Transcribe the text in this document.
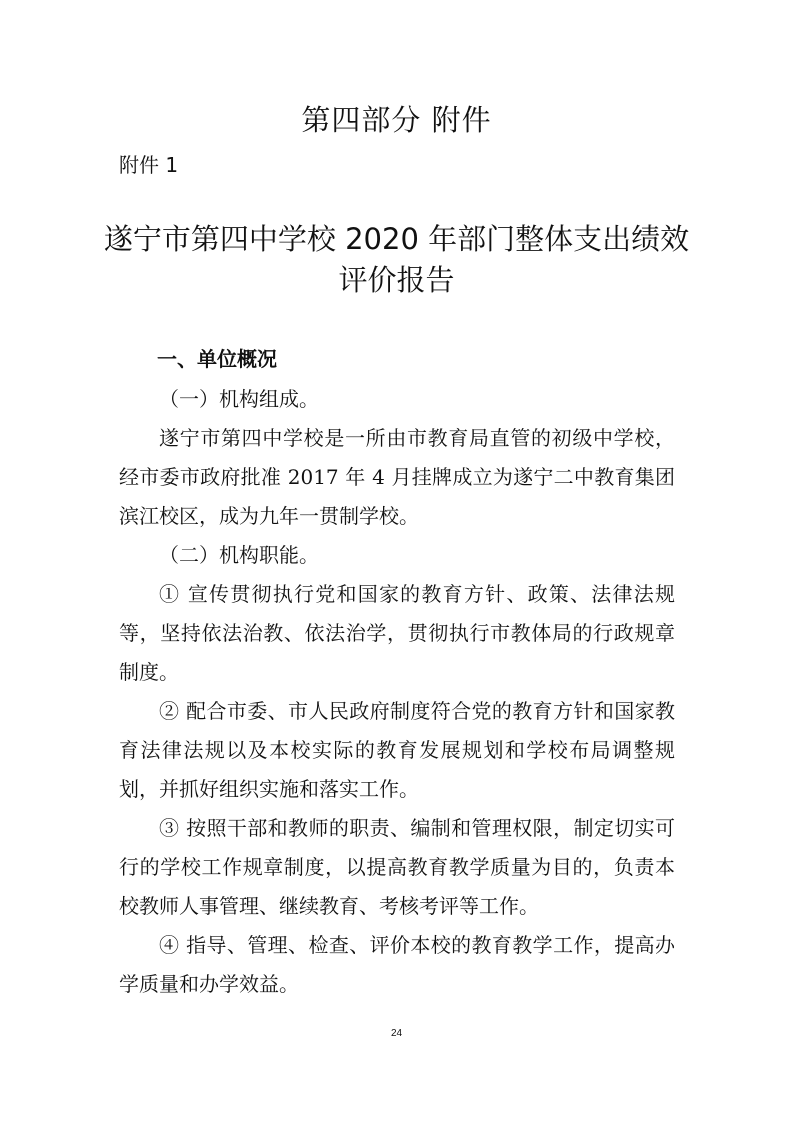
第四部分 附件

附件 1

遂宁市第四中学校 2020 年部门整体支出绩效评价报告

一、单位概况

（一）机构组成。

遂宁市第四中学校是一所由市教育局直管的初级中学校，经市委市政府批准 2017 年 4 月挂牌成立为遂宁二中教育集团滨江校区，成为九年一贯制学校。

（二）机构职能。

① 宣传贯彻执行党和国家的教育方针、政策、法律法规等，坚持依法治教、依法治学，贯彻执行市教体局的行政规章制度。

② 配合市委、市人民政府制度符合党的教育方针和国家教育法律法规以及本校实际的教育发展规划和学校布局调整规划，并抓好组织实施和落实工作。

③ 按照干部和教师的职责、编制和管理权限，制定切实可行的学校工作规章制度，以提高教育教学质量为目的，负责本校教师人事管理、继续教育、考核考评等工作。

④ 指导、管理、检查、评价本校的教育教学工作，提高办学质量和办学效益。

24
